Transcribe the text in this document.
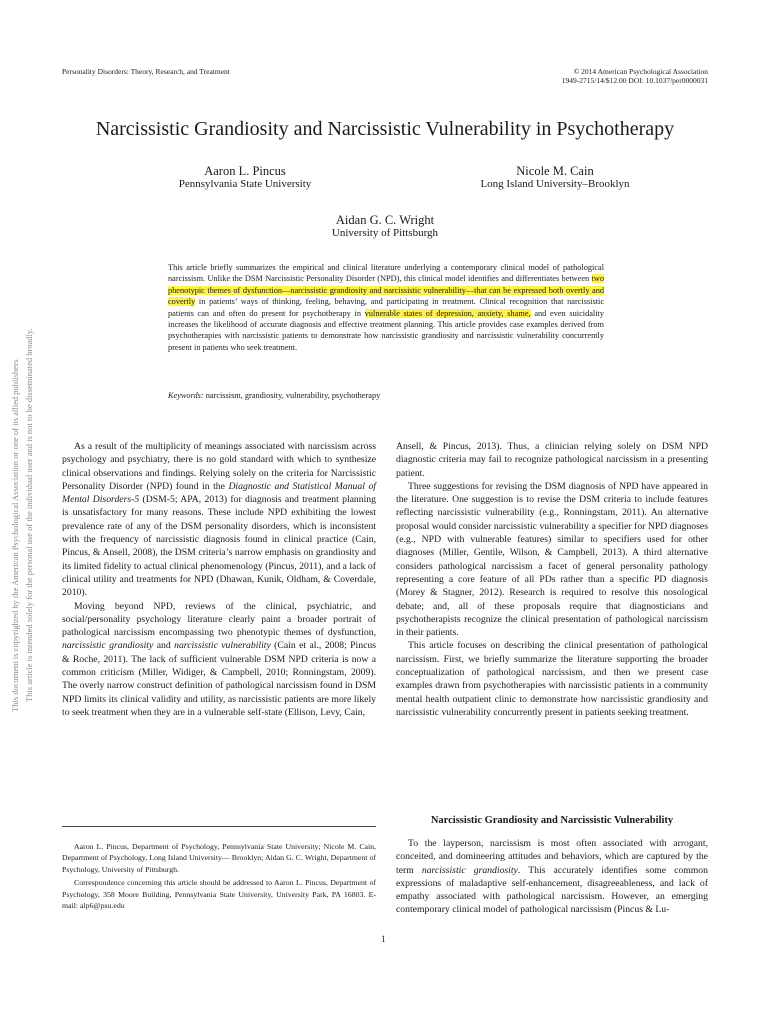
Personality Disorders: Theory, Research, and Treatment	© 2014 American Psychological Association
1949-2715/14/$12.00 DOI: 10.1037/per0000031
This document is copyrighted by the American Psychological Association or one of its allied publishers. This article is intended solely for the personal use of the individual user and is not to be disseminated broadly.
Narcissistic Grandiosity and Narcissistic Vulnerability in Psychotherapy
Aaron L. Pincus
Pennsylvania State University
Nicole M. Cain
Long Island University–Brooklyn
Aidan G. C. Wright
University of Pittsburgh
This article briefly summarizes the empirical and clinical literature underlying a contemporary clinical model of pathological narcissism. Unlike the DSM Narcissistic Personality Disorder (NPD), this clinical model identifies and differentiates between two phenotypic themes of dysfunction—narcissistic grandiosity and narcissistic vulnerability—that can be expressed both overtly and covertly in patients’ ways of thinking, feeling, behaving, and participating in treatment. Clinical recognition that narcissistic patients can and often do present for psychotherapy in vulnerable states of depression, anxiety, shame, and even suicidality increases the likelihood of accurate diagnosis and effective treatment planning. This article provides case examples derived from psychotherapies with narcissistic patients to demonstrate how narcissistic grandiosity and narcissistic vulnerability concurrently present in patients who seek treatment.
Keywords: narcissism, grandiosity, vulnerability, psychotherapy

As a result of the multiplicity of meanings associated with narcissism across psychology and psychiatry, there is no gold standard with which to synthesize clinical observations and findings. Relying solely on the criteria for Narcissistic Personality Disorder (NPD) found in the Diagnostic and Statistical Manual of Mental Disorders-5 (DSM-5; APA, 2013) for diagnosis and treatment planning is unsatisfactory for many reasons. These include NPD exhibiting the lowest prevalence rate of any of the DSM personality disorders, which is inconsistent with the frequency of narcissistic diagnosis found in clinical practice (Cain, Pincus, & Ansell, 2008), the DSM criteria’s narrow emphasis on grandiosity and its limited fidelity to actual clinical phenomenology (Pincus, 2011), and a lack of clinical utility and treatments for NPD (Dhawan, Kunik, Oldham, & Coverdale, 2010).

Moving beyond NPD, reviews of the clinical, psychiatric, and social/personality psychology literature clearly paint a broader portrait of pathological narcissism encompassing two phenotypic themes of dysfunction, narcissistic grandiosity and narcissistic vulnerability (Cain et al., 2008; Pincus & Roche, 2011). The lack of sufficient vulnerable DSM NPD criteria is now a common criticism (Miller, Widiger, & Campbell, 2010; Ronningstam, 2009). The overly narrow construct definition of pathological narcissism found in DSM NPD limits its clinical validity and utility, as narcissistic patients are more likely to seek treatment when they are in a vulnerable self-state (Ellison, Levy, Cain,

Ansell, & Pincus, 2013). Thus, a clinician relying solely on DSM NPD diagnostic criteria may fail to recognize pathological narcissism in a presenting patient.

Three suggestions for revising the DSM diagnosis of NPD have appeared in the literature. One suggestion is to revise the DSM criteria to include features reflecting narcissistic vulnerability (e.g., Ronningstam, 2011). An alternative proposal would consider narcissistic vulnerability a specifier for NPD diagnoses (e.g., NPD with vulnerable features) similar to specifiers used for other diagnoses (Miller, Gentile, Wilson, & Campbell, 2013). A third alternative considers pathological narcissism a facet of general personality pathology representing a core feature of all PDs rather than a specific PD diagnosis (Morey & Stagner, 2012). Research is required to resolve this nosological debate; and, all of these proposals require that diagnosticians and psychotherapists recognize the clinical presentation of pathological narcissism in their patients.

This article focuses on describing the clinical presentation of pathological narcissism. First, we briefly summarize the literature supporting the broader conceptualization of pathological narcissism, and then we present case examples drawn from psychotherapies with narcissistic patients in a community mental health outpatient clinic to demonstrate how narcissistic grandiosity and narcissistic vulnerability concurrently present in patients seeking treatment.

Narcissistic Grandiosity and Narcissistic Vulnerability

To the layperson, narcissism is most often associated with arrogant, conceited, and domineering attitudes and behaviors, which are captured by the term narcissistic grandiosity. This accurately identifies some common expressions of maladaptive self-enhancement, disagreeableness, and lack of empathy associated with pathological narcissism. However, an emerging contemporary clinical model of pathological narcissism (Pincus & Lu-

Aaron L. Pincus, Department of Psychology, Pennsylvania State University; Nicole M. Cain, Department of Psychology, Long Island University— Brooklyn; Aidan G. C. Wright, Department of Psychology, University of Pittsburgh.

Correspondence concerning this article should be addressed to Aaron L. Pincus, Department of Psychology, 358 Moore Building, Pennsylvania State University, University Park, PA 16803. E-mail: alp6@psu.edu

1
